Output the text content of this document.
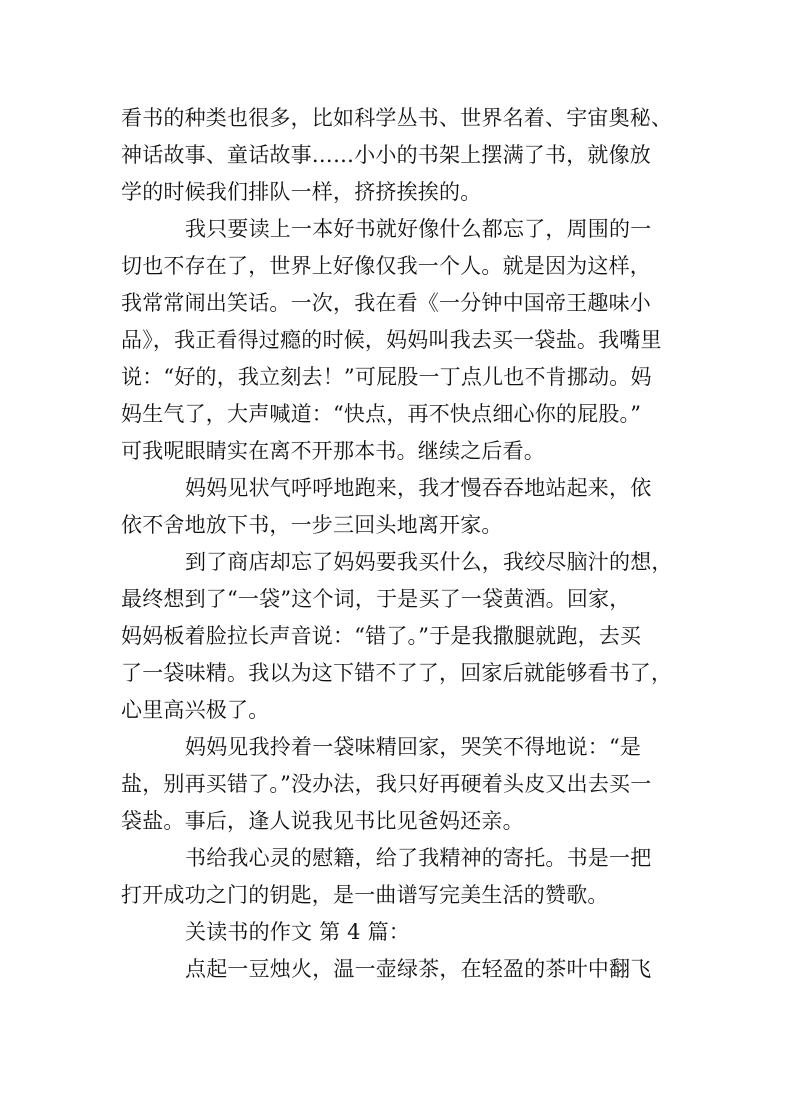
看书的种类也很多，比如科学丛书、世界名着、宇宙奥秘、
神话故事、童话故事……小小的书架上摆满了书，就像放
学的时候我们排队一样，挤挤挨挨的。
我只要读上一本好书就好像什么都忘了，周围的一
切也不存在了，世界上好像仅我一个人。就是因为这样，
我常常闹出笑话。一次，我在看《一分钟中国帝王趣味小
品》，我正看得过瘾的时候，妈妈叫我去买一袋盐。我嘴里
说：“好的，我立刻去！”可屁股一丁点儿也不肯挪动。妈
妈生气了，大声喊道：“快点，再不快点细心你的屁股。”
可我呢眼睛实在离不开那本书。继续之后看。
妈妈见状气呼呼地跑来，我才慢吞吞地站起来，依
依不舍地放下书，一步三回头地离开家。
到了商店却忘了妈妈要我买什么，我绞尽脑汁的想，
最终想到了“一袋”这个词，于是买了一袋黄酒。回家，
妈妈板着脸拉长声音说：“错了。”于是我撒腿就跑，去买
了一袋味精。我以为这下错不了了，回家后就能够看书了，
心里高兴极了。
妈妈见我拎着一袋味精回家，哭笑不得地说：“是
盐，别再买错了。”没办法，我只好再硬着头皮又出去买一
袋盐。事后，逢人说我见书比见爸妈还亲。
书给我心灵的慰籍，给了我精神的寄托。书是一把
打开成功之门的钥匙，是一曲谱写完美生活的赞歌。
关读书的作文 第 4 篇：
点起一豆烛火，温一壶绿茶，在轻盈的茶叶中翻飞
